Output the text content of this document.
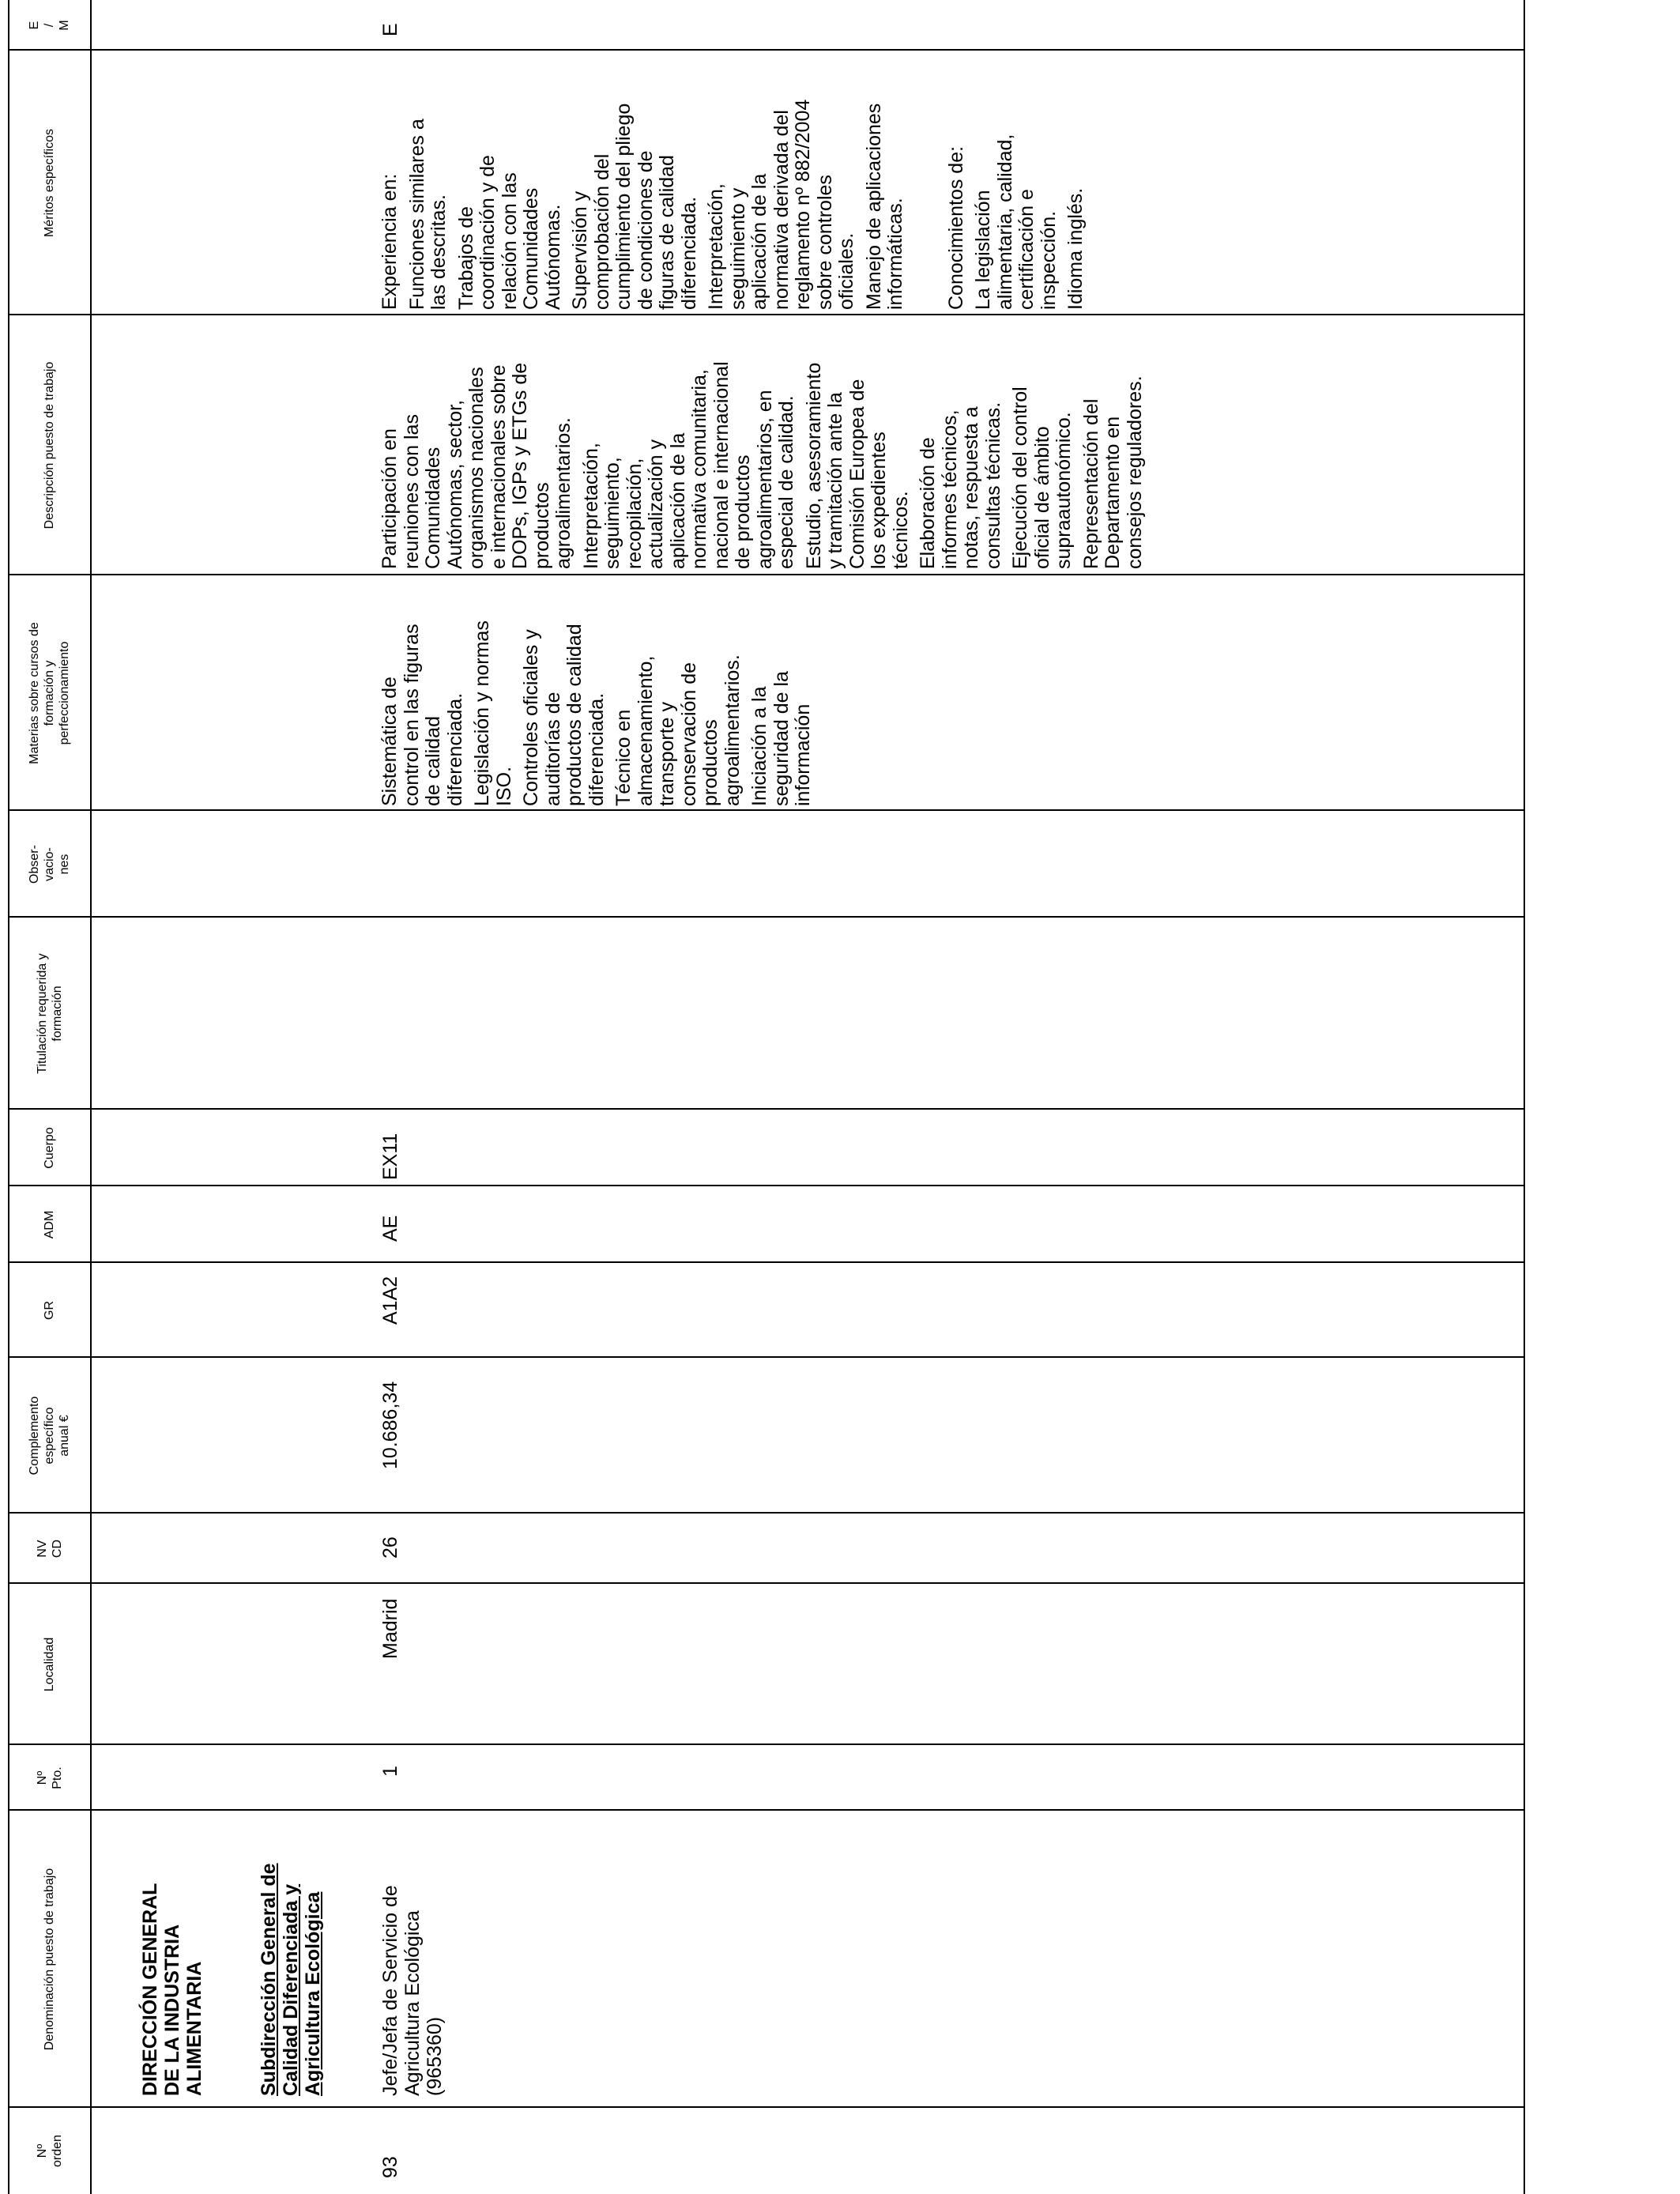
Nº
orden
Denominación puesto de trabajo
Nº
Pto.
Localidad
NV
CD
Complemento
específico
anual €
GR
ADM
Cuerpo
Titulación requerida y
formación
Obser-
vacio-
nes
Materias sobre cursos de
formación y
perfeccionamiento
Descripción puesto de trabajo
Méritos específicos
E
/
M
DIRECCIÓN GENERAL
DE LA INDUSTRIA
ALIMENTARIA	Subdirección General de
Calidad Diferenciada y
Agricultura Ecológica
93
Jefe/Jefa de Servicio de
Agricultura Ecológica
(965360)
1
Madrid
26
10.686,34
A1A2
AE
EX11
Sistemática de
control en las figuras
de calidad
diferenciada. Legislación y normas
ISO. Controles oficiales y
auditorías de
productos de calidad
diferenciada. Técnico en
almacenamiento,
transporte y
conservación de
productos
agroalimentarios. Iniciación a la
seguridad de la
información
Participación en
reuniones con las
Comunidades
Autónomas, sector,
organismos nacionales
e internacionales sobre
DOPs, IGPs y ETGs de
productos
agroalimentarios. Interpretación,
seguimiento,
recopilación,
actualización y
aplicación de la
normativa comunitaria,
nacional e internacional
de productos
agroalimentarios, en
especial de calidad.
Estudio, asesoramiento
y tramitación ante la
Comisión Europea de
los expedientes
técnicos. Elaboración de
informes técnicos,
notas, respuesta a
consultas técnicas.
Ejecución del control
oficial de ámbito
supraautonómico. Representación del
Departamento en
consejos reguladores.
Experiencia en: Funciones similares a
las descritas. Trabajos de
coordinación y de
relación con las
Comunidades
Autónomas. Supervisión y
comprobación del
cumplimiento del pliego
de condiciones de
figuras de calidad
diferenciada. Interpretación,
seguimiento y
aplicación de la
normativa derivada del
reglamento nº 882/2004
sobre controles
oficiales. Manejo de aplicaciones
informáticas. Conocimientos de: La legislación
alimentaria, calidad,
certificación e
inspección. Idioma inglés.
E
